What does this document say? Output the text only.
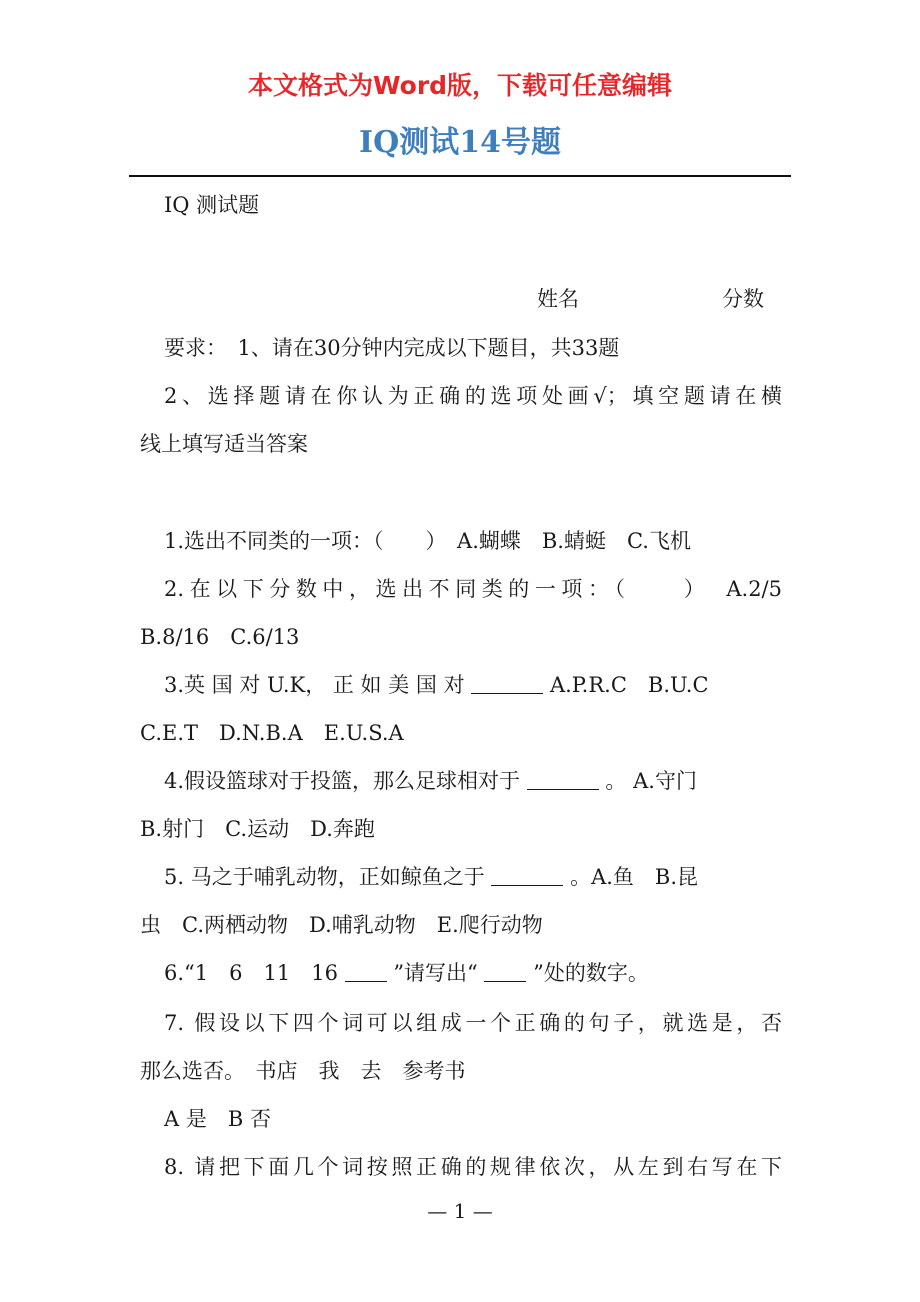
本文格式为Word版，下载可任意编辑
IQ测试14号题
IQ 测试题
要求：　1、请在30分钟内完成以下题目，共33题
2、选择题请在你认为正确的选项处画√；填空题请在横
线上填写适当答案
1.选出不同类的一项：（　　）　A.蝴蝶　B.蜻蜓　C.飞机
2.在以下分数中，选出不同类的一项：（　　）　A.2/5
B.8/16　C.6/13
3.英 国 对 U.K， 正 如 美 国 对	A.P.R.C　B.U.C
C.E.T　D.N.B.A　E.U.S.A
4.假设篮球对于投篮，那么足球相对于	。 A.守门
B.射门　C.运动　D.奔跑
5. 马之于哺乳动物，正如鲸鱼之于	。A.鱼　B.昆
虫　C.两栖动物　D.哺乳动物　E.爬行动物
6.“1　6　11　16	”请写出“	”处的数字。
7. 假设以下四个词可以组成一个正确的句子，就选是，否
那么选否。　书店　我　去　参考书
A 是　B 否
8. 请把下面几个词按照正确的规律依次，从左到右写在下
姓名	分数
— 1 —
